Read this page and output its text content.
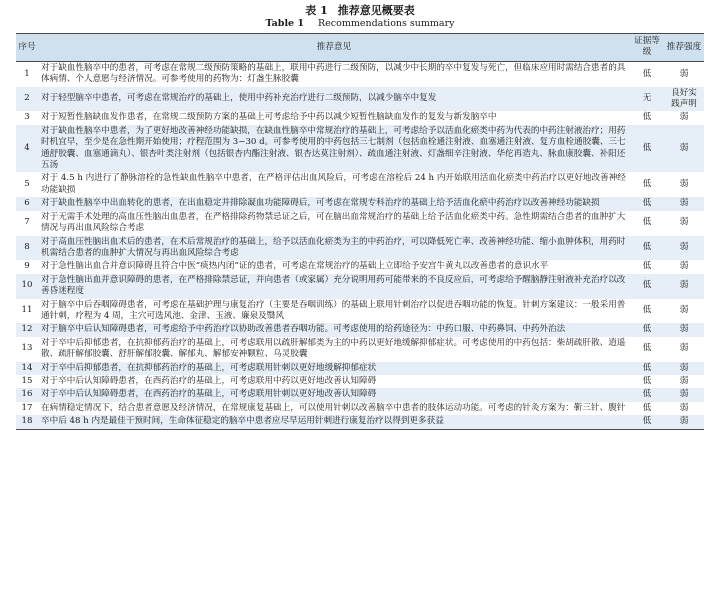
表 1 推荐意见概要表
Table 1 Recommendations summary
序号	推荐意见	证据等级	推荐强度
1	对于缺血性脑卒中的患者，可考虑在常规二级预防策略的基础上，联用中药进行二级预防，以减少中长期的卒中复发与死亡，但临床应用时需结合患者的具体病情、个人意愿与经济情况。可参考使用的药物为：灯盏生脉胶囊	低	弱
2	对于轻型脑卒中患者，可考虑在常规治疗的基础上，使用中药补充治疗进行二级预防，以减少脑卒中复发	无	良好实践声明
3	对于短暂性脑缺血发作患者，在常规二级预防方案的基础上可考虑给予中药以减少短暂性脑缺血发作的复发与新发脑卒中	低	弱
4	对于缺血性脑卒中患者，为了更好地改善神经功能缺损，在缺血性脑卒中常规治疗的基础上，可考虑给予以活血化瘀类中药为代表的中药注射液治疗；用药时机宜早，至少是在急性期开始使用；疗程范围为 3~30 d。可参考使用的中药包括三七制剂（包括血栓通注射液、血塞通注射液、复方血栓通胶囊、三七通舒胶囊、血塞通滴丸）、银杏叶类注射剂（包括银杏内酯注射液、银杏达莫注射剂）、疏血通注射液、灯盏细辛注射液、华佗再造丸、脉血康胶囊、补阳还五汤	低	弱
5	对于 4.5 h 内进行了静脉溶栓的急性缺血性脑卒中患者，在严格评估出血风险后，可考虑在溶栓后 24 h 内开始联用活血化瘀类中药治疗以更好地改善神经功能缺损	低	弱
6	对于缺血性脑卒中出血转化的患者，在出血稳定并排除凝血功能障碍后，可考虑在常规专科治疗的基础上给予活血化瘀中药治疗以改善神经功能缺损	低	弱
7	对于无需手术处理的高血压性脑出血患者，在严格排除药物禁忌证之后，可在脑出血常规治疗的基础上给予活血化瘀类中药。急性期需结合患者的血肿扩大情况与再出血风险综合考虑	低	弱
8	对于高血压性脑出血术后的患者，在术后常规治疗的基础上，给予以活血化瘀类为主的中药治疗，可以降低死亡率、改善神经功能、缩小血肿体积，用药时机需结合患者的血肿扩大情况与再出血风险综合考虑	低	弱
9	对于急性脑出血合并意识障碍且符合中医“痰热内闭”证的患者，可考虑在常规治疗的基础上立即给予安宫牛黄丸以改善患者的意识水平	低	弱
10	对于急性脑出血并意识障碍的患者，在严格排除禁忌证，并向患者（或家属）充分说明用药可能带来的不良反应后，可考虑给予醒脑静注射液补充治疗以改善昏迷程度	低	弱
11	对于脑卒中后吞咽障碍患者，可考虑在基础护理与康复治疗（主要是吞咽训练）的基础上联用针刺治疗以促进吞咽功能的恢复。针刺方案建议：一般采用普通针刺，疗程为 4 周，主穴可选风池、金津、玉液、廉泉及翳风	低	弱
12	对于脑卒中后认知障碍患者，可考虑给予中药治疗以协助改善患者吞咽功能。可考虑使用的给药途径为：中药口服、中药鼻饲、中药外治法	低	弱
13	对于卒中后抑郁患者，在抗抑郁药治疗的基础上，可考虑联用以疏肝解郁类为主的中药以更好地缓解抑郁症状。可考虑使用的中药包括：柴胡疏肝散、逍遥散、疏肝解郁胶囊、舒肝解郁胶囊、解郁丸、解郁安神颗粒、乌灵胶囊	低	弱
14	对于卒中后抑郁患者，在抗抑郁药治疗的基础上，可考虑联用针刺以更好地缓解抑郁症状	低	弱
15	对于卒中后认知障碍患者，在西药治疗的基础上，可考虑联用中药以更好地改善认知障碍	低	弱
16	对于卒中后认知障碍患者，在西药治疗的基础上，可考虑联用针刺以更好地改善认知障碍	低	弱
17	在病情稳定情况下，结合患者意愿及经济情况，在常规康复基础上，可以使用针刺以改善脑卒中患者的肢体运动功能。可考虑的针灸方案为：靳三针、腹针	低	弱
18	卒中后 48 h 内是最佳干预时间，生命体征稳定的脑卒中患者应尽早运用针刺进行康复治疗以得到更多获益	低	弱
